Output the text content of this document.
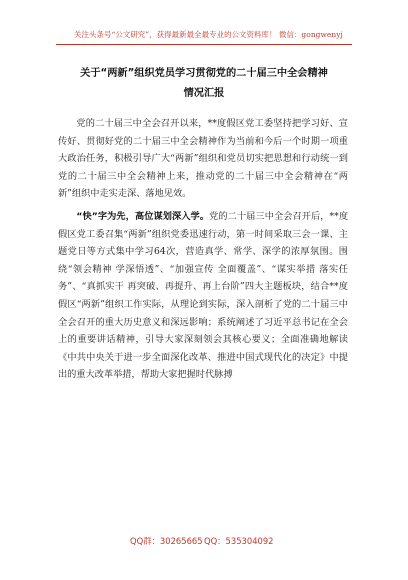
关注头条号“公文研究”，获得最新最全最专业的公文资料库！ 微信：gongwenyj
关于“两新”组织党员学习贯彻党的二十届三中全会精神
情况汇报

党的二十届三中全会召开以来，**度假区党工委坚持把学习好、宣传好、贯彻好党的二十届三中全会精神作为当前和今后一个时期一项重大政治任务，积极引导广大“两新”组织和党员切实把思想和行动统一到党的二十届三中全会精神上来，推动党的二十届三中全会精神在“两新”组织中走实走深、落地见效。

“快”字为先，高位谋划深入学。党的二十届三中全会召开后，**度假区党工委召集“两新”组织党委迅速行动，第一时间采取三会一课、主题党日等方式集中学习64次，营造真学、常学、深学的浓厚氛围。围绕“领会精神 学深悟透”、“加强宣传 全面覆盖”、“谋实举措 落实任务”、“真抓实干 再突破、再提升、再上台阶”四大主题板块，结合**度假区“两新”组织工作实际，从理论到实际，深入剖析了党的二十届三中全会召开的重大历史意义和深远影响；系统阐述了习近平总书记在全会上的重要讲话精神，引导大家深刻领会其核心要义；全面准确地解读《中共中央关于进一步全面深化改革、推进中国式现代化的决定》中提出的重大改革举措，帮助大家把握时代脉搏

QQ群：30265665 QQ：535304092
